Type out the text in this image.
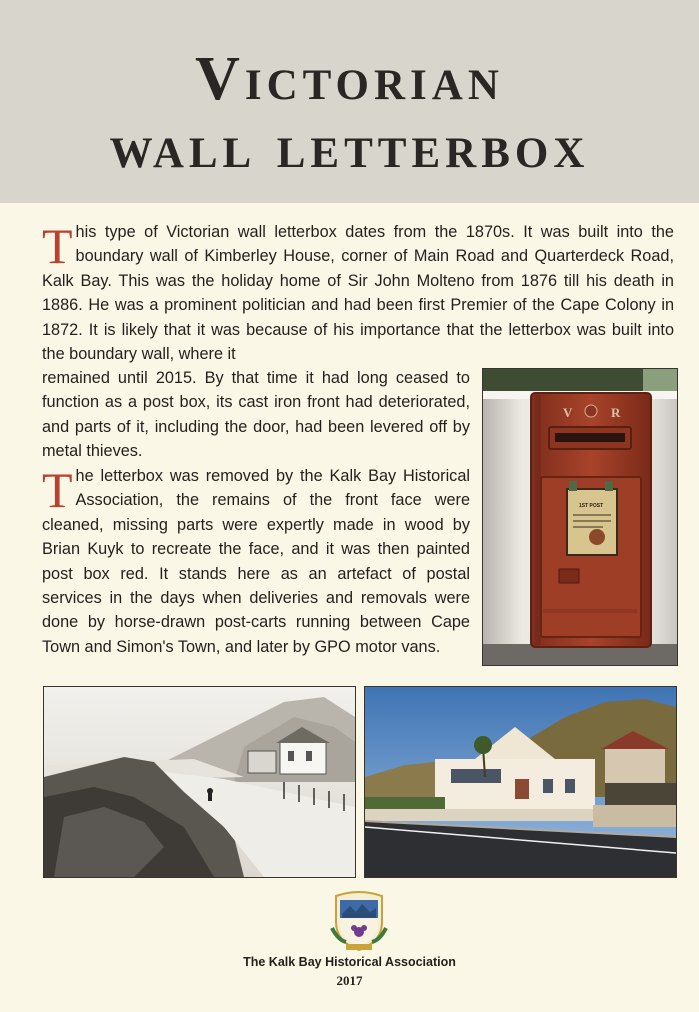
Victorian
wall letterbox

This type of Victorian wall letterbox dates from the 1870s. It was built into the boundary wall of Kimberley House, corner of Main Road and Quarterdeck Road, Kalk Bay. This was the holiday home of Sir John Molteno from 1876 till his death in 1886. He was a prominent politician and had been first Premier of the Cape Colony in 1872. It is likely that it was because of his importance that the letterbox was built into the boundary wall, where it

remained until 2015. By that time it had long ceased to function as a post box, its cast iron front had deteriorated, and parts of it, including the door, had been levered off by metal thieves.

The letterbox was removed by the Kalk Bay Historical Association, the remains of the front face were cleaned, missing parts were expertly made in wood by Brian Kuyk to recreate the face, and it was then painted post box red. It stands here as an artefact of postal services in the days when deliveries and removals were done by horse-drawn post-carts running between Cape Town and Simon's Town, and later by GPO motor vans.

V	R
1ST POST
The Kalk Bay Historical Association
2017
